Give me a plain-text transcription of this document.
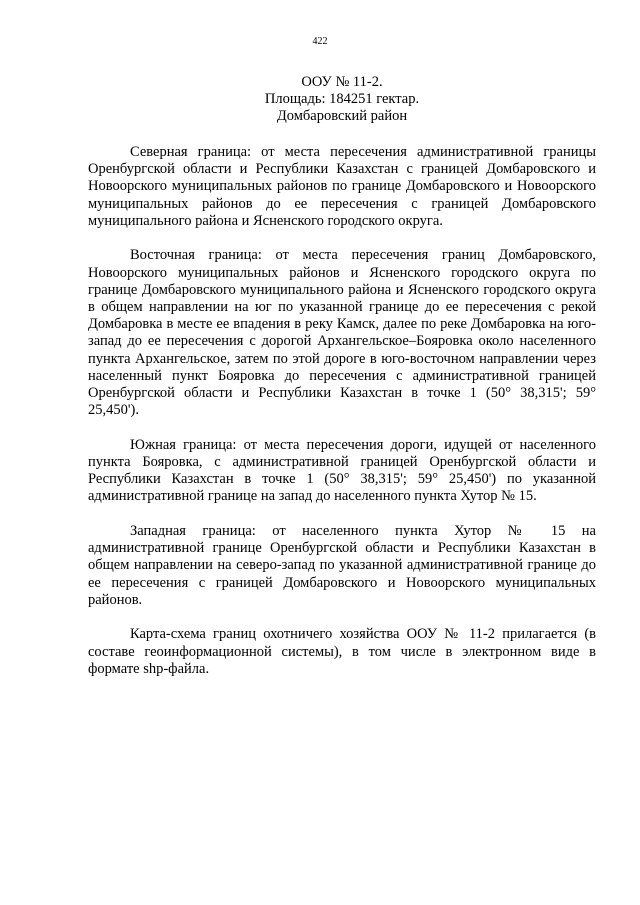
422
ООУ № 11-2.
Площадь: 184251 гектар.
Домбаровский район

Северная граница: от места пересечения административной границы Оренбургской области и Республики Казахстан с границей Домбаровского и Новоорского муниципальных районов по границе Домбаровского и Новоорского муниципальных районов до ее пересечения с границей Домбаровского муниципального района и Ясненского городского округа.

Восточная граница: от места пересечения границ Домбаровского, Новоорского муниципальных районов и Ясненского городского округа по границе Домбаровского муниципального района и Ясненского городского округа в общем направлении на юг по указанной границе до ее пересечения с рекой Домбаровка в месте ее впадения в реку Камск, далее по реке Домбаровка на юго-запад до ее пересечения с дорогой Архангельское–Бояровка около населенного пункта Архангельское, затем по этой дороге в юго-восточном направлении через населенный пункт Бояровка до пересечения с административной границей Оренбургской области и Республики Казахстан в точке 1 (50° 38,315'; 59° 25,450').

Южная граница: от места пересечения дороги, идущей от населенного пункта Бояровка, с административной границей Оренбургской области и Республики Казахстан в точке 1 (50° 38,315'; 59° 25,450') по указанной административной границе на запад до населенного пункта Хутор № 15.

Западная граница: от населенного пункта Хутор № 15 на административной границе Оренбургской области и Республики Казахстан в общем направлении на северо-запад по указанной административной границе до ее пересечения с границей Домбаровского и Новоорского муниципальных районов.

Карта-схема границ охотничего хозяйства ООУ № 11-2 прилагается (в составе геоинформационной системы), в том числе в электронном виде в формате shp-файла.
